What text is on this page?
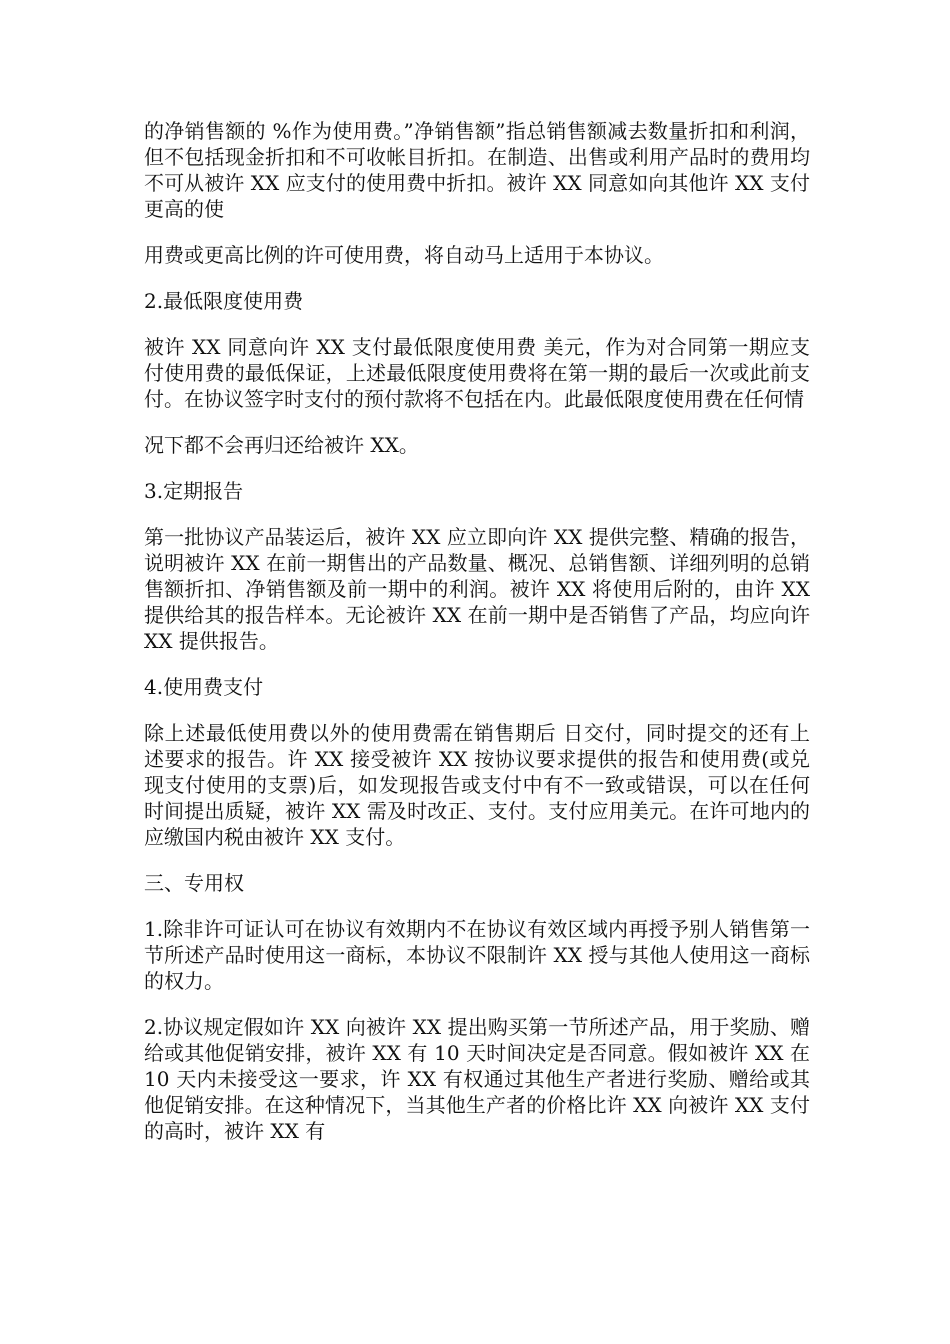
的净销售额的 %作为使用费。”净销售额”指总销售额减去数量折扣和利润，但不包括现金折扣和不可收帐目折扣。在制造、出售或利用产品时的费用均不可从被许 XX 应支付的使用费中折扣。被许 XX 同意如向其他许 XX 支付更高的使

用费或更高比例的许可使用费，将自动马上适用于本协议。

2.最低限度使用费

被许 XX 同意向许 XX 支付最低限度使用费 美元，作为对合同第一期应支付使用费的最低保证，上述最低限度使用费将在第一期的最后一次或此前支付。在协议签字时支付的预付款将不包括在内。此最低限度使用费在任何情

况下都不会再归还给被许 XX。

3.定期报告

第一批协议产品装运后，被许 XX 应立即向许 XX 提供完整、精确的报告，说明被许 XX 在前一期售出的产品数量、概况、总销售额、详细列明的总销售额折扣、净销售额及前一期中的利润。被许 XX 将使用后附的，由许 XX 提供给其的报告样本。无论被许 XX 在前一期中是否销售了产品，均应向许 XX 提供报告。

4.使用费支付

除上述最低使用费以外的使用费需在销售期后 日交付，同时提交的还有上述要求的报告。许 XX 接受被许 XX 按协议要求提供的报告和使用费(或兑现支付使用的支票)后，如发现报告或支付中有不一致或错误，可以在任何时间提出质疑，被许 XX 需及时改正、支付。支付应用美元。在许可地内的应缴国内税由被许 XX 支付。

三、专用权

1.除非许可证认可在协议有效期内不在协议有效区域内再授予别人销售第一节所述产品时使用这一商标，本协议不限制许 XX 授与其他人使用这一商标的权力。

2.协议规定假如许 XX 向被许 XX 提出购买第一节所述产品，用于奖励、赠给或其他促销安排，被许 XX 有 10 天时间决定是否同意。假如被许 XX 在 10 天内未接受这一要求，许 XX 有权通过其他生产者进行奖励、赠给或其他促销安排。在这种情况下，当其他生产者的价格比许 XX 向被许 XX 支付的高时，被许 XX 有
